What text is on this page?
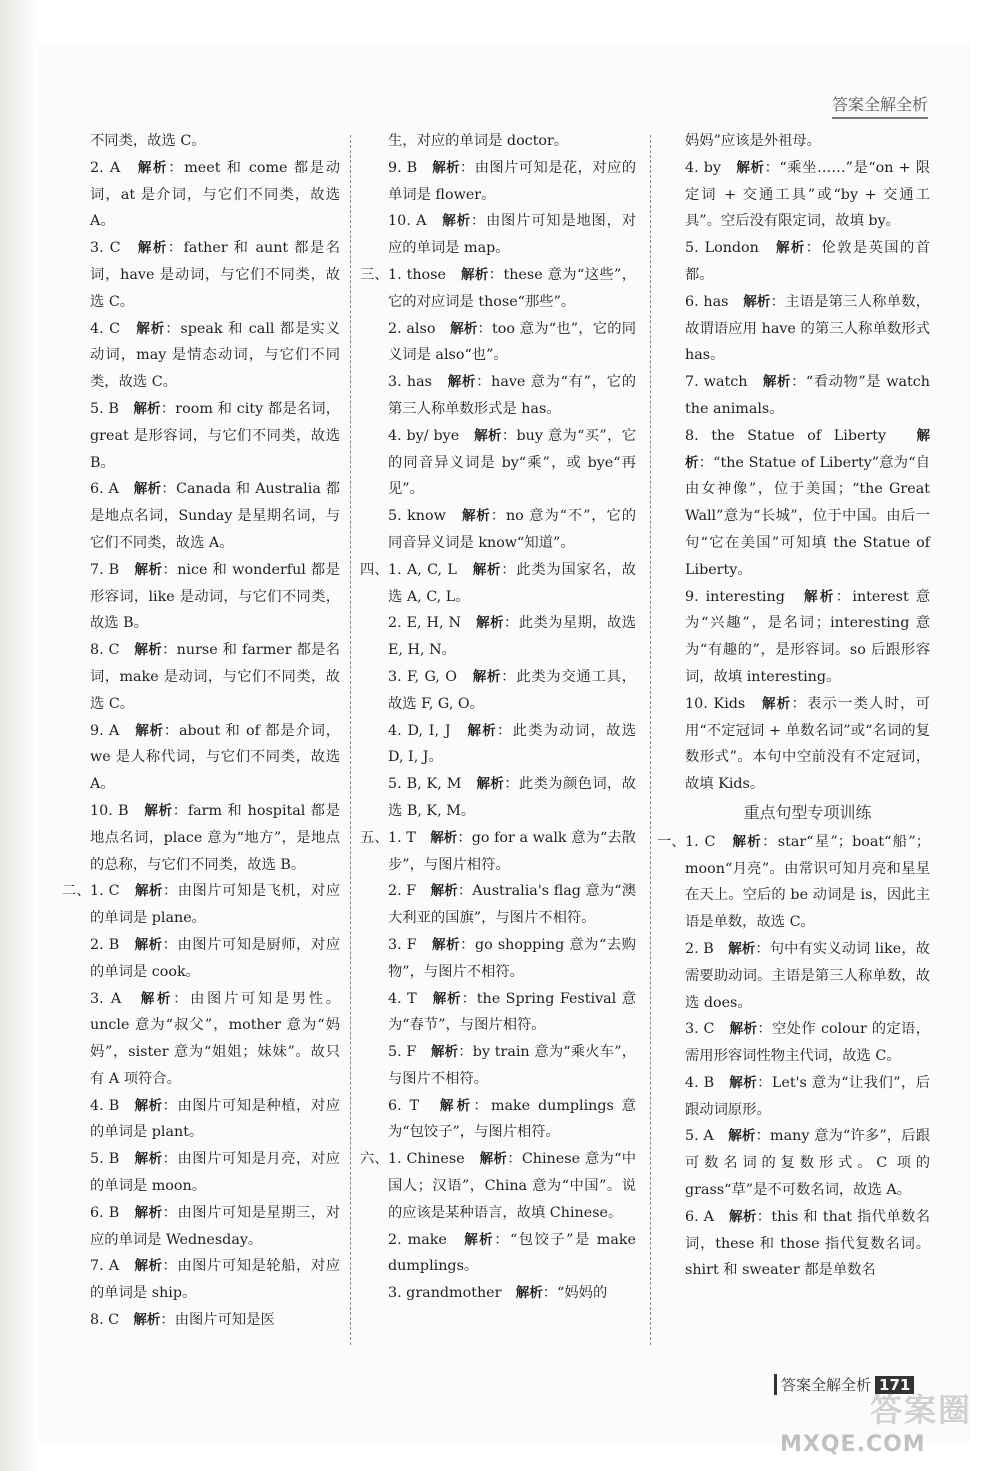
答案全解全析
不同类，故选 C。
2. A　解析：meet 和 come 都是动词，at 是介词，与它们不同类，故选 A。
3. C　解析：father 和 aunt 都是名词，have 是动词，与它们不同类，故选 C。
4. C　解析：speak 和 call 都是实义动词，may 是情态动词，与它们不同类，故选 C。
5. B　解析：room 和 city 都是名词，great 是形容词，与它们不同类，故选 B。
6. A　解析：Canada 和 Australia 都是地点名词，Sunday 是星期名词，与它们不同类，故选 A。
7. B　解析：nice 和 wonderful 都是形容词，like 是动词，与它们不同类，故选 B。
8. C　解析：nurse 和 farmer 都是名词，make 是动词，与它们不同类，故选 C。
9. A　解析：about 和 of 都是介词，we 是人称代词，与它们不同类，故选 A。
10. B　解析：farm 和 hospital 都是地点名词，place 意为“地方”，是地点的总称，与它们不同类，故选 B。
二、 1. C　解析：由图片可知是飞机，对应的单词是 plane。
2. B　解析：由图片可知是厨师，对应的单词是 cook。
3. A　解析：由图片可知是男性。uncle 意为“叔父”，mother 意为“妈妈”，sister 意为“姐姐；妹妹”。故只有 A 项符合。
4. B　解析：由图片可知是种植，对应的单词是 plant。
5. B　解析：由图片可知是月亮，对应的单词是 moon。
6. B　解析：由图片可知是星期三，对应的单词是 Wednesday。
7. A　解析：由图片可知是轮船，对应的单词是 ship。
8. C　解析：由图片可知是医
生，对应的单词是 doctor。
9. B　解析：由图片可知是花，对应的单词是 flower。
10. A　解析：由图片可知是地图，对应的单词是 map。
三、 1. those　解析：these 意为“这些”，它的对应词是 those“那些”。
2. also　解析：too 意为“也”，它的同义词是 also“也”。
3. has　解析：have 意为“有”，它的第三人称单数形式是 has。
4. by/ bye　解析：buy 意为“买”，它的同音异义词是 by“乘”，或 bye“再见”。
5. know　解析：no 意为“不”，它的同音异义词是 know“知道”。
四、 1. A, C, L　解析：此类为国家名，故选 A, C, L。
2. E, H, N　解析：此类为星期，故选 E, H, N。
3. F, G, O　解析：此类为交通工具，故选 F, G, O。
4. D, I, J　解析：此类为动词，故选 D, I, J。
5. B, K, M　解析：此类为颜色词，故选 B, K, M。
五、 1. T　解析：go for a walk 意为“去散步”，与图片相符。
2. F　解析：Australia's flag 意为“澳大利亚的国旗”，与图片不相符。
3. F　解析：go shopping 意为“去购物”，与图片不相符。
4. T　解析：the Spring Festival 意为“春节”，与图片相符。
5. F　解析：by train 意为“乘火车”，与图片不相符。
6. T　解析：make dumplings 意为“包饺子”，与图片相符。
六、 1. Chinese　解析：Chinese 意为“中国人；汉语”，China 意为“中国”。说的应该是某种语言，故填 Chinese。
2. make　解析：“包饺子”是 make dumplings。
3. grandmother　解析：“妈妈的
妈妈”应该是外祖母。
4. by　解析：“乘坐……”是“on + 限定词 + 交通工具”或“by + 交通工具”。空后没有限定词，故填 by。
5. London　解析：伦敦是英国的首都。
6. has　解析：主语是第三人称单数，故谓语应用 have 的第三人称单数形式 has。
7. watch　解析：“看动物”是 watch the animals。
8. the Statue of Liberty　解析：“the Statue of Liberty”意为“自由女神像”，位于美国；“the Great Wall”意为“长城”，位于中国。由后一句“它在美国”可知填 the Statue of Liberty。
9. interesting　解析：interest 意为“兴趣”，是名词；interesting 意为“有趣的”，是形容词。so 后跟形容词，故填 interesting。
10. Kids　解析：表示一类人时，可用“不定冠词 + 单数名词”或“名词的复数形式”。本句中空前没有不定冠词，故填 Kids。
重点句型专项训练
一、 1. C　解析：star“星”；boat“船”；moon“月亮”。由常识可知月亮和星星在天上。空后的 be 动词是 is，因此主语是单数，故选 C。
2. B　解析：句中有实义动词 like，故需要助动词。主语是第三人称单数，故选 does。
3. C　解析：空处作 colour 的定语，需用形容词性物主代词，故选 C。
4. B　解析：Let's 意为“让我们”，后跟动词原形。
5. A　解析：many 意为“许多”，后跟可数名词的复数形式。C 项的 grass“草”是不可数名词，故选 A。
6. A　解析：this 和 that 指代单数名词，these 和 those 指代复数名词。shirt 和 sweater 都是单数名
答案全解全析 171
答案圈
MXQE.COM
